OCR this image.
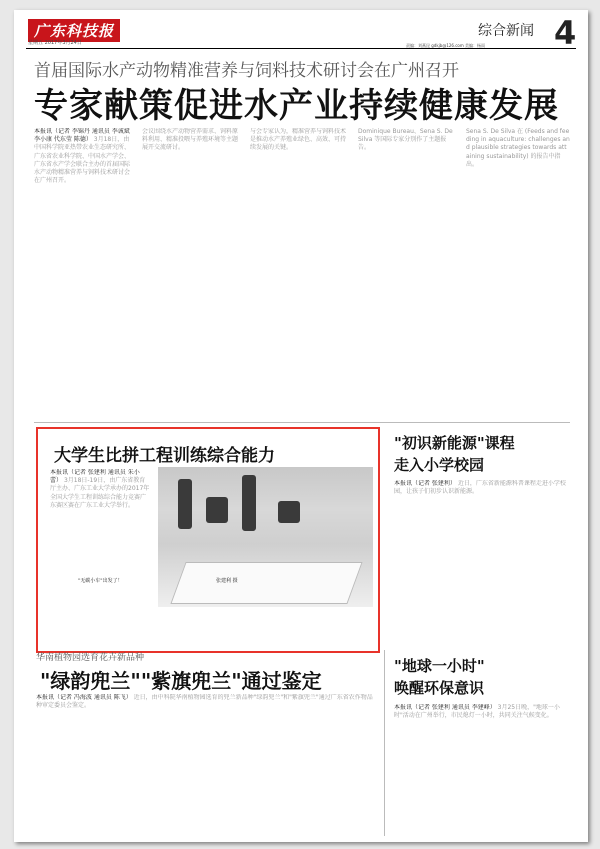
广东科技报
星期五 2017年3月24日	责编：刘燕昆 gdkjb@126.com 美编：杨雨
综合新闻 4
首届国际水产动物精准营养与饲料技术研讨会在广州召开
专家献策促进水产业持续健康发展
本报讯（记者 李锦丹 通讯员 李诚斌 李小康 代东莹 陈德） 3月18日，由中国科学院亚热带农业生态研究所、广东省农业科学院、中国水产学会、广东省水产学会联合主办的首届国际水产动物精准营养与饲料技术研讨会在广州召开。
会议围绕水产动物营养需求、饲料原料利用、精准投喂与养殖环境等主题展开交流研讨。
与会专家认为，精准营养与饲料技术是推动水产养殖业绿色、高效、可持续发展的关键。
Dominique Bureau、Sena S. De Silva 等国际专家分别作了主题报告。
Sena S. De Silva 在 (Feeds and feeding in aquaculture: challenges and plausible strategies towards attaining sustainability) 的报告中指出。
大学生比拼工程训练综合能力
本报讯（记者 张建利 通讯员 朱小蕾） 3月18日-19日，由广东省教育厅主办、广东工业大学承办的2017年全国大学生工程训练综合能力竞赛广东赛区赛在广东工业大学举行。
"无碳小车"出发了！	张建利 摄
"初识新能源"课程
走入小学校园
本报讯（记者 张建利） 近日，广东省新能源科普课程走进小学校园，让孩子们初步认识新能源。
华南植物园选育花卉新品种
"绿韵兜兰""紫旗兜兰"通过鉴定
本报讯（记者 冯海波 通讯员 陈飞） 近日，由中科院华南植物园选育的兜兰新品种"绿韵兜兰"和"紫旗兜兰"通过广东省农作物品种审定委员会鉴定。
"地球一小时"
唤醒环保意识
本报讯（记者 张建利 通讯员 李建峰） 3月25日晚，"地球一小时"活动在广州举行，市民熄灯一小时，共同关注气候变化。
